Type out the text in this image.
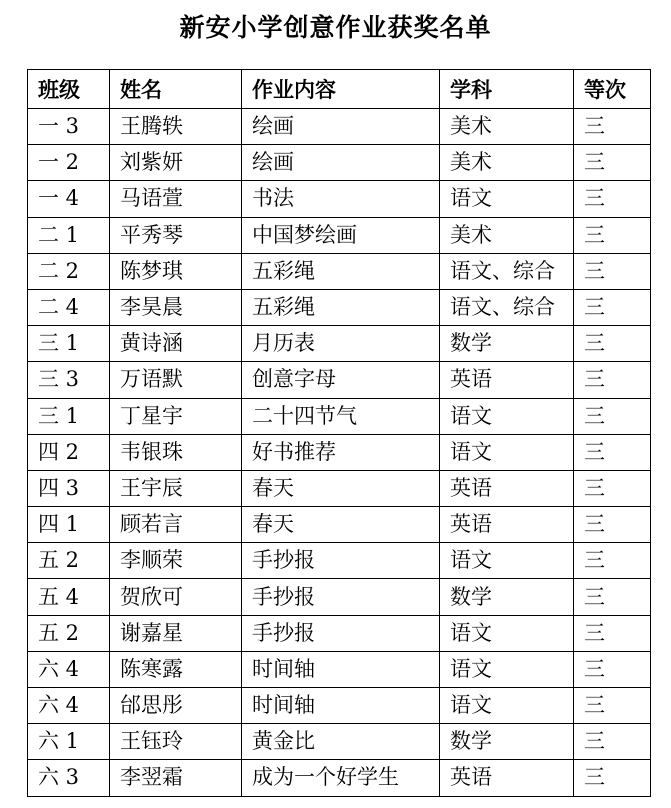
新安小学创意作业获奖名单
班级	姓名	作业内容	学科	等次
一 3	王腾轶	绘画	美术	三
一 2	刘紫妍	绘画	美术	三
一 4	马语萱	书法	语文	三
二 1	平秀琴	中国梦绘画	美术	三
二 2	陈梦琪	五彩绳	语文、综合	三
二 4	李昊晨	五彩绳	语文、综合	三
三 1	黄诗涵	月历表	数学	三
三 3	万语默	创意字母	英语	三
三 1	丁星宇	二十四节气	语文	三
四 2	韦银珠	好书推荐	语文	三
四 3	王宇辰	春天	英语	三
四 1	顾若言	春天	英语	三
五 2	李顺荣	手抄报	语文	三
五 4	贺欣可	手抄报	数学	三
五 2	谢嘉星	手抄报	语文	三
六 4	陈寒露	时间轴	语文	三
六 4	邰思彤	时间轴	语文	三
六 1	王钰玲	黄金比	数学	三
六 3	李翌霜	成为一个好学生	英语	三
